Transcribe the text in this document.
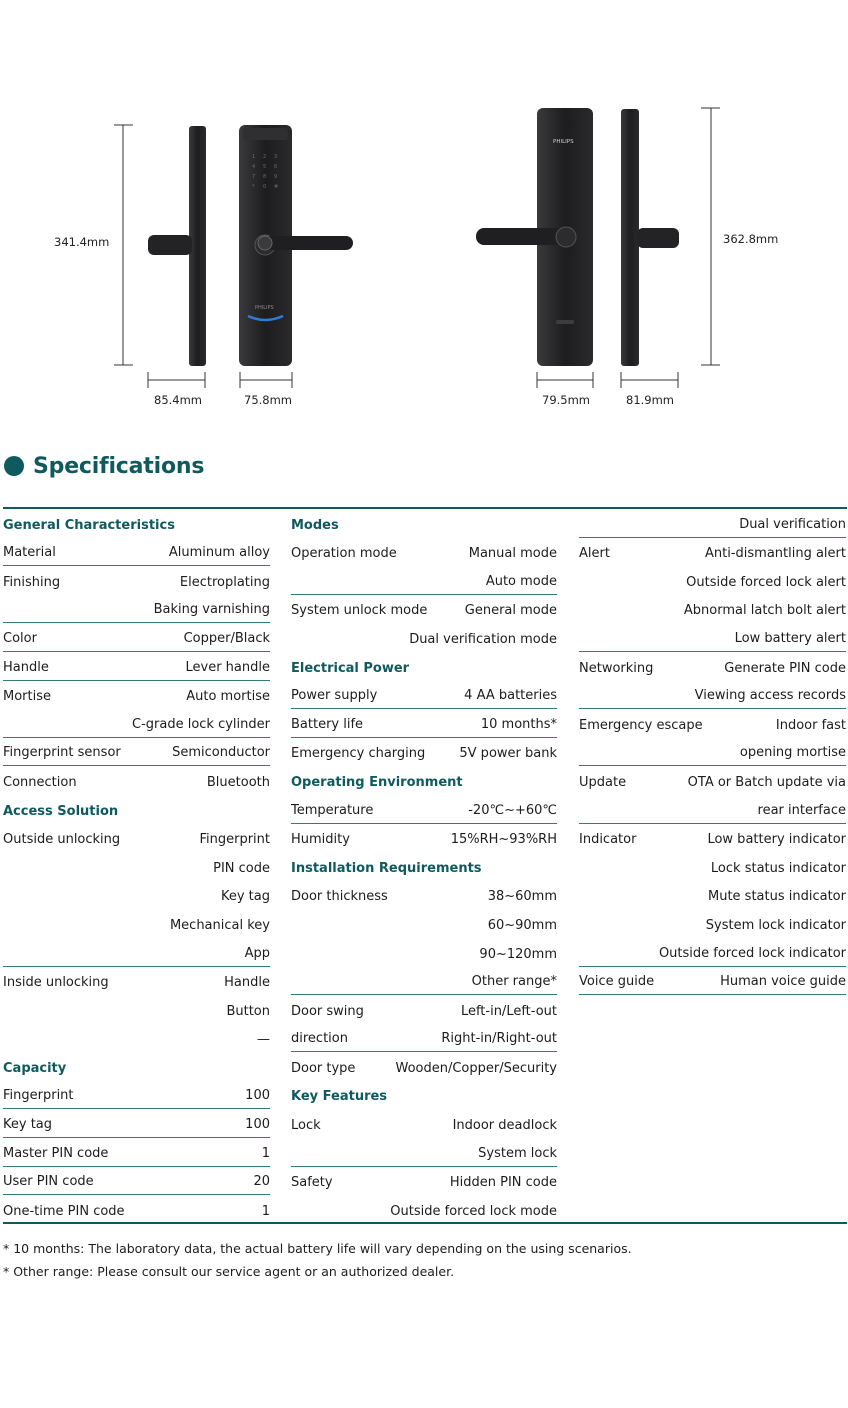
341.4mm
1 2 3
4 5 6
7 8 9
* 0 #
PHILIPS
85.4mm	75.8mm
PHILIPS
362.8mm
79.5mm	81.9mm
Specifications
General Characteristics
Material	Aluminum alloy
Finishing	Electroplating
Baking varnishing
Color	Copper/Black
Handle	Lever handle
Mortise	Auto mortise
C-grade lock cylinder
Fingerprint sensor	Semiconductor
Connection	Bluetooth
Access Solution
Outside unlocking	Fingerprint
PIN code
Key tag
Mechanical key
App
Inside unlocking	Handle
Button
—
Capacity
Fingerprint	100
Key tag	100
Master PIN code	1
User PIN code	20
One-time PIN code	1
Modes
Operation mode	Manual mode
Auto mode
System unlock mode	General mode
Dual verification mode
Electrical Power
Power supply	4 AA batteries
Battery life	10 months*
Emergency charging	5V power bank
Operating Environment
Temperature	-20℃~+60℃
Humidity	15%RH~93%RH
Installation Requirements
Door thickness	38~60mm
60~90mm
90~120mm
Other range*
Door swing	Left-in/Left-out
direction	Right-in/Right-out
Door type	Wooden/Copper/Security
Key Features
Lock	Indoor deadlock
System lock
Safety	Hidden PIN code
Outside forced lock mode
Dual verification
Alert	Anti-dismantling alert
Outside forced lock alert
Abnormal latch bolt alert
Low battery alert
Networking	Generate PIN code
Viewing access records
Emergency escape	Indoor fast
opening mortise
Update	OTA or Batch update via
rear interface
Indicator	Low battery indicator
Lock status indicator
Mute status indicator
System lock indicator
Outside forced lock indicator
Voice guide	Human voice guide
* 10 months: The laboratory data, the actual battery life will vary depending on the using scenarios.
* Other range: Please consult our service agent or an authorized dealer.
